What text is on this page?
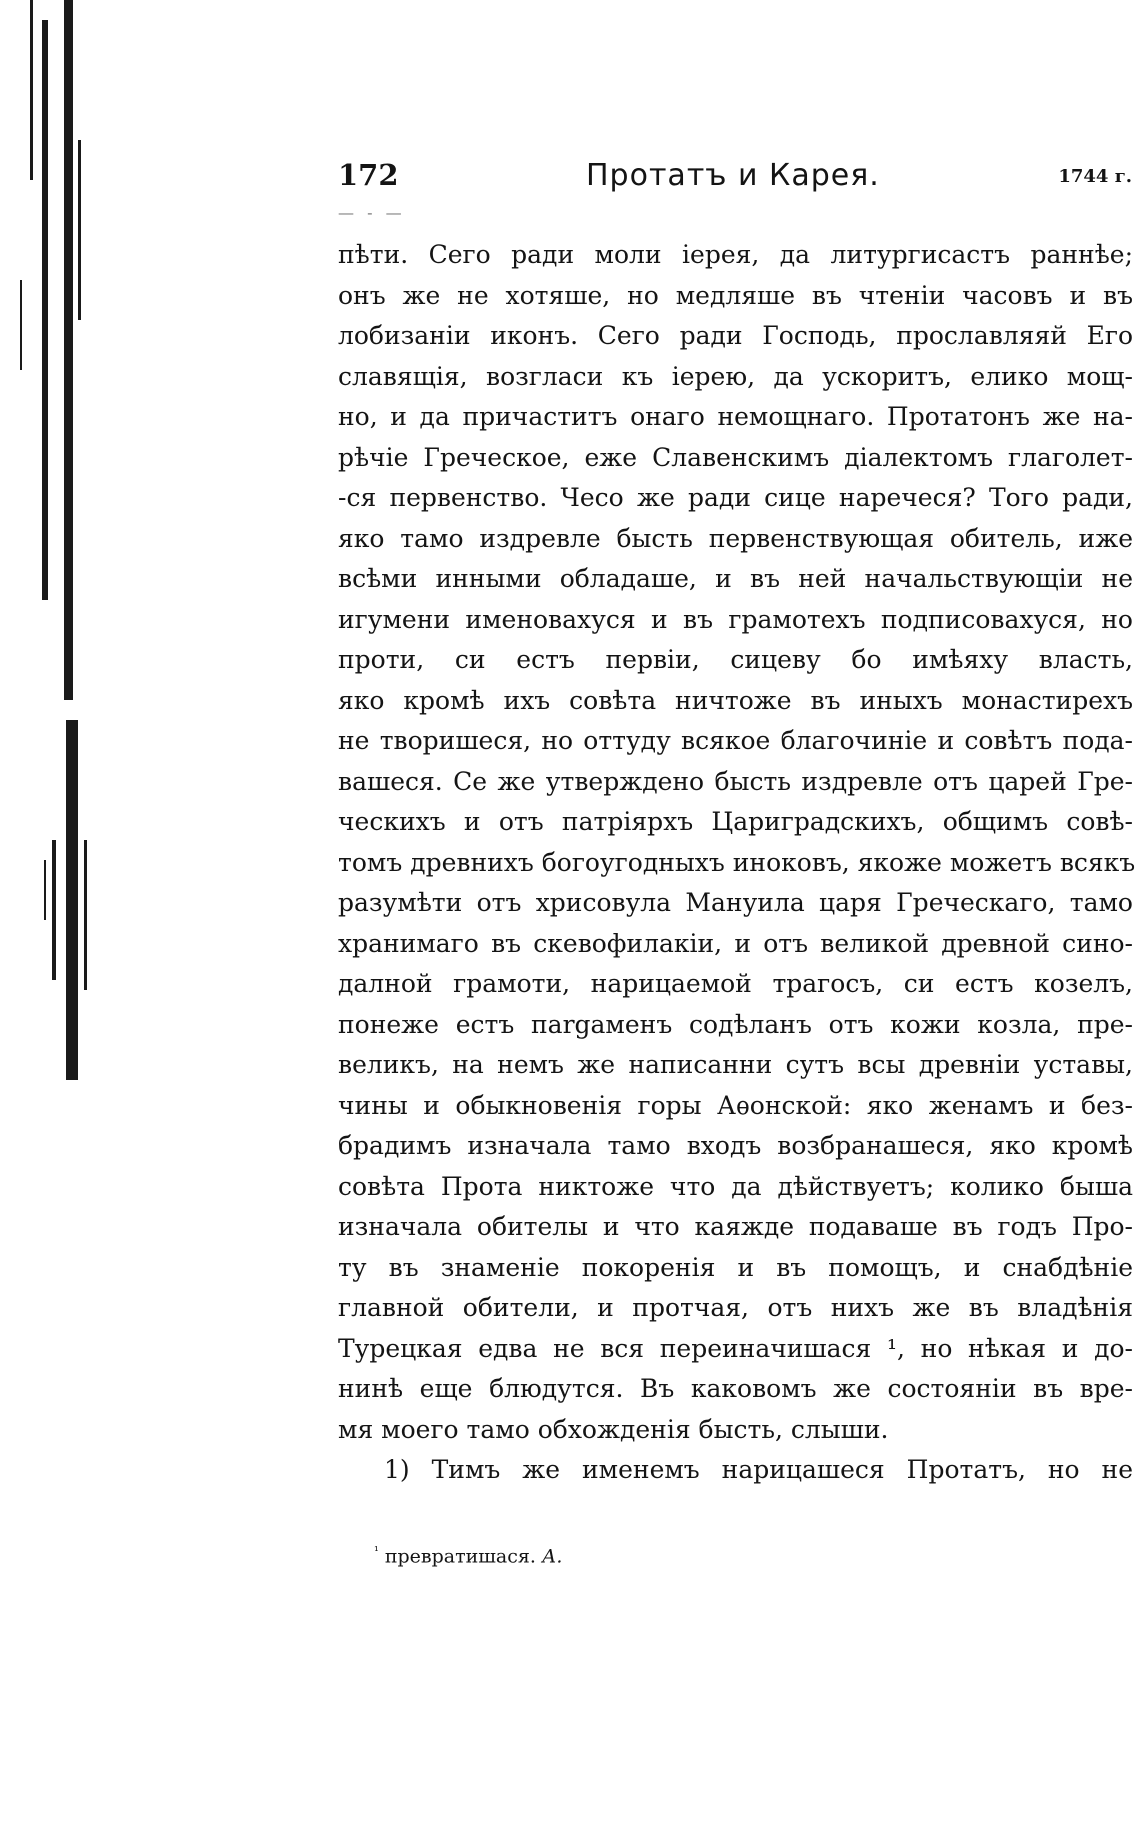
172	Протатъ и Карея.	1744 г.
— - —
пѣти. Сего ради моли іерея, да литургисастъ раннѣе;
онъ же не хотяше, но медляше въ чтеніи часовъ и въ
лобизаніи иконъ. Сего ради Господь, прославляяй Его
славящія, возгласи къ іерею, да ускоритъ, елико мощ-
но, и да причаститъ онаго немощнаго. Протатонъ же на-
рѣчіе Греческое, еже Славенскимъ діалектомъ глаголет-
-ся первенство. Чесо же ради сице наречеся? Того ради,
яко тамо издревле бысть первенствующая обитель, иже
всѣми инными обладаше, и въ ней начальствующіи не
игумени именовахуся и въ грамотехъ подписовахуся, но
прoти, си естъ первіи, сицеву бо имѣяху власть,
яко кромѣ ихъ совѣта ничтоже въ иныхъ монастирехъ
не творишеся, но оттуду всякое благочиніе и совѣтъ пода-
вашеся. Се же утверждено бысть издревле отъ царей Гре-
ческихъ и отъ патріярхъ Цариградскихъ, общимъ совѣ-
томъ древнихъ богоугодныхъ иноковъ, якоже можетъ всякъ
разумѣти отъ хрисовула Мануила царя Греческаго, тамо
хранимаго въ скевофилакіи, и отъ великой древной сино-
далной грамоти, нарицаемой трагосъ, си естъ козелъ,
понеже естъ пargаменъ содѣланъ отъ кожи козла, пре-
великъ, на немъ же написанни сутъ всы древніи уставы,
чины и обыкновенія горы Аѳонской: яко женамъ и без-
брадимъ изначала тамо входъ возбранашеся, яко кромѣ
совѣта Прота никтоже что да дѣйствуетъ; колико быша
изначала обителы и что каяжде подаваше въ годъ Про-
ту въ знаменіе покоренія и въ помощъ, и снабдѣніе
главной обители, и протчая, отъ нихъ же въ владѣнія
Турецкая едва не вся переиначишася ¹, но нѣкая и до-
нинѣ еще блюдутся. Въ каковомъ же состояніи въ вре-
мя моего тамо обхожденія бысть, слыши.
1) Тимъ же именемъ нарицашеся Протатъ, но не
$^{^1}$ превратишася. А.
